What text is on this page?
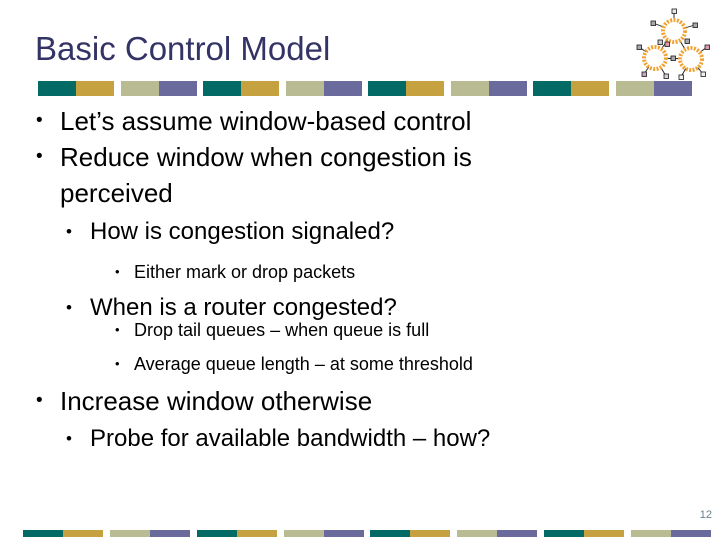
Basic Control Model
• Let’s assume window-based control
• Reduce window when congestion is perceived
• How is congestion signaled?
• Either mark or drop packets
• When is a router congested?
• Drop tail queues – when queue is full
• Average queue length – at some threshold
• Increase window otherwise
• Probe for available bandwidth – how?
12
